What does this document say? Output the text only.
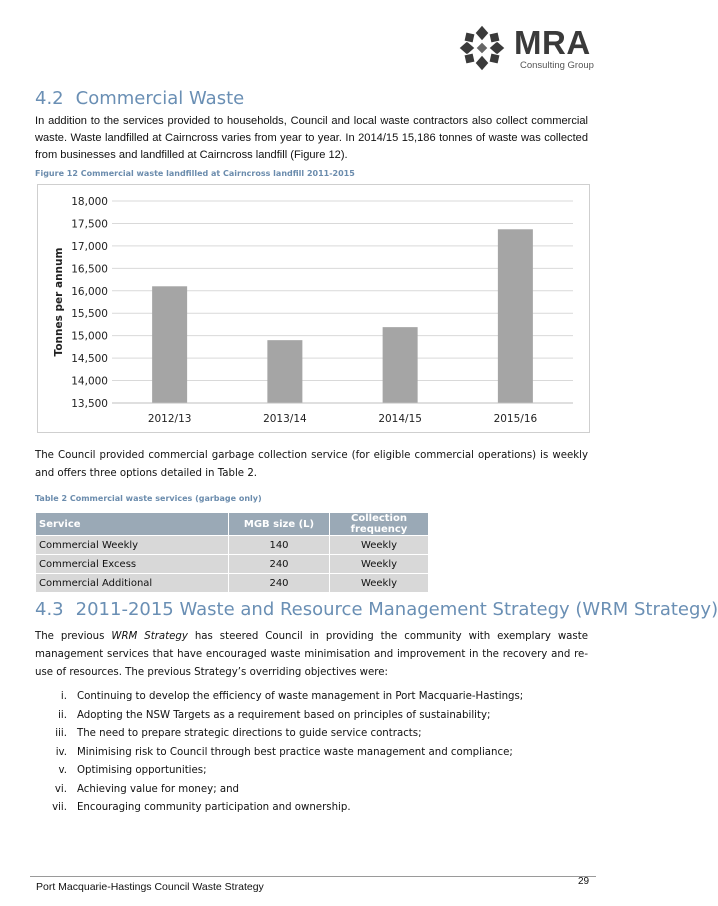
MRA
Consulting Group
4.2 Commercial Waste
In addition to the services provided to households, Council and local waste contractors also collect commercial waste. Waste landfilled at Cairncross varies from year to year. In 2014/15 15,186 tonnes of waste was collected from businesses and landfilled at Cairncross landfill (Figure 12).
Figure 12 Commercial waste landfilled at Cairncross landfill 2011-2015
13,500
14,000
14,500
15,000
15,500
16,000
16,500
17,000
17,500
18,000
2012/13	2013/14	2014/15	2015/16
Tonnes per annum
The Council provided commercial garbage collection service (for eligible commercial operations) is weekly and offers three options detailed in Table 2.
Table 2 Commercial waste services (garbage only)
Service	MGB size (L)	Collection frequency
Commercial Weekly	140	Weekly
Commercial Excess	240	Weekly
Commercial Additional	240	Weekly
4.3 2011-2015 Waste and Resource Management Strategy (WRM Strategy)
The previous WRM Strategy has steered Council in providing the community with exemplary waste management services that have encouraged waste minimisation and improvement in the recovery and re-use of resources. The previous Strategy’s overriding objectives were:
i. Continuing to develop the efficiency of waste management in Port Macquarie-Hastings;
ii. Adopting the NSW Targets as a requirement based on principles of sustainability;
iii. The need to prepare strategic directions to guide service contracts;
iv. Minimising risk to Council through best practice waste management and compliance;
v. Optimising opportunities;
vi. Achieving value for money; and
vii. Encouraging community participation and ownership.
Port Macquarie-Hastings Council Waste Strategy	29
